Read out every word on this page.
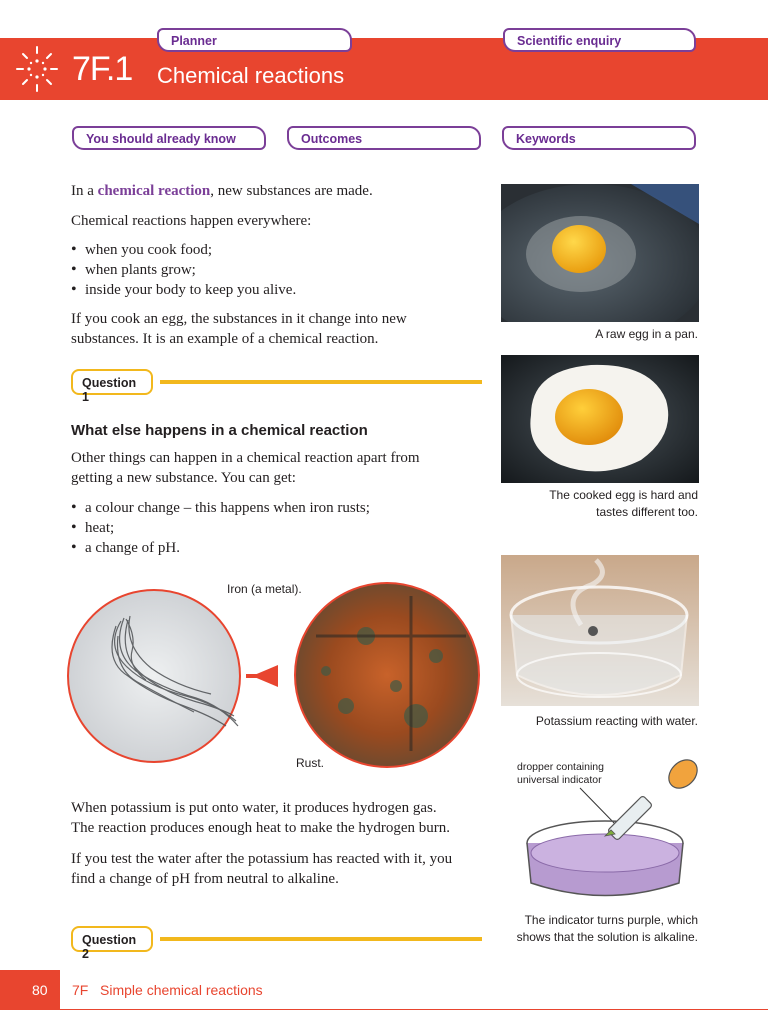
7F.1 Chemical reactions
Planner	Scientific enquiry
You should already know	Outcomes	Keywords

In a chemical reaction, new substances are made.

Chemical reactions happen everywhere:
• when you cook food;
• when plants grow;
• inside your body to keep you alive.

If you cook an egg, the substances in it change into new

substances. It is an example of a chemical reaction.

Question 1
What else happens in a chemical reaction

Other things can happen in a chemical reaction apart from

getting a new substance. You can get:

• a colour change – this happens when iron rusts;
• heat;
• a change of pH.
Iron (a metal).
Rust.

When potassium is put onto water, it produces hydrogen gas.

The reaction produces enough heat to make the hydrogen burn.

If you test the water after the potassium has reacted with it, you

find a change of pH from neutral to alkaline.

Question 2
A raw egg in a pan.
The cooked egg is hard and
tastes different too.
Potassium reacting with water.
dropper containing
universal indicator
The indicator turns purple, which
shows that the solution is alkaline.
80 7F Simple chemical reactions
